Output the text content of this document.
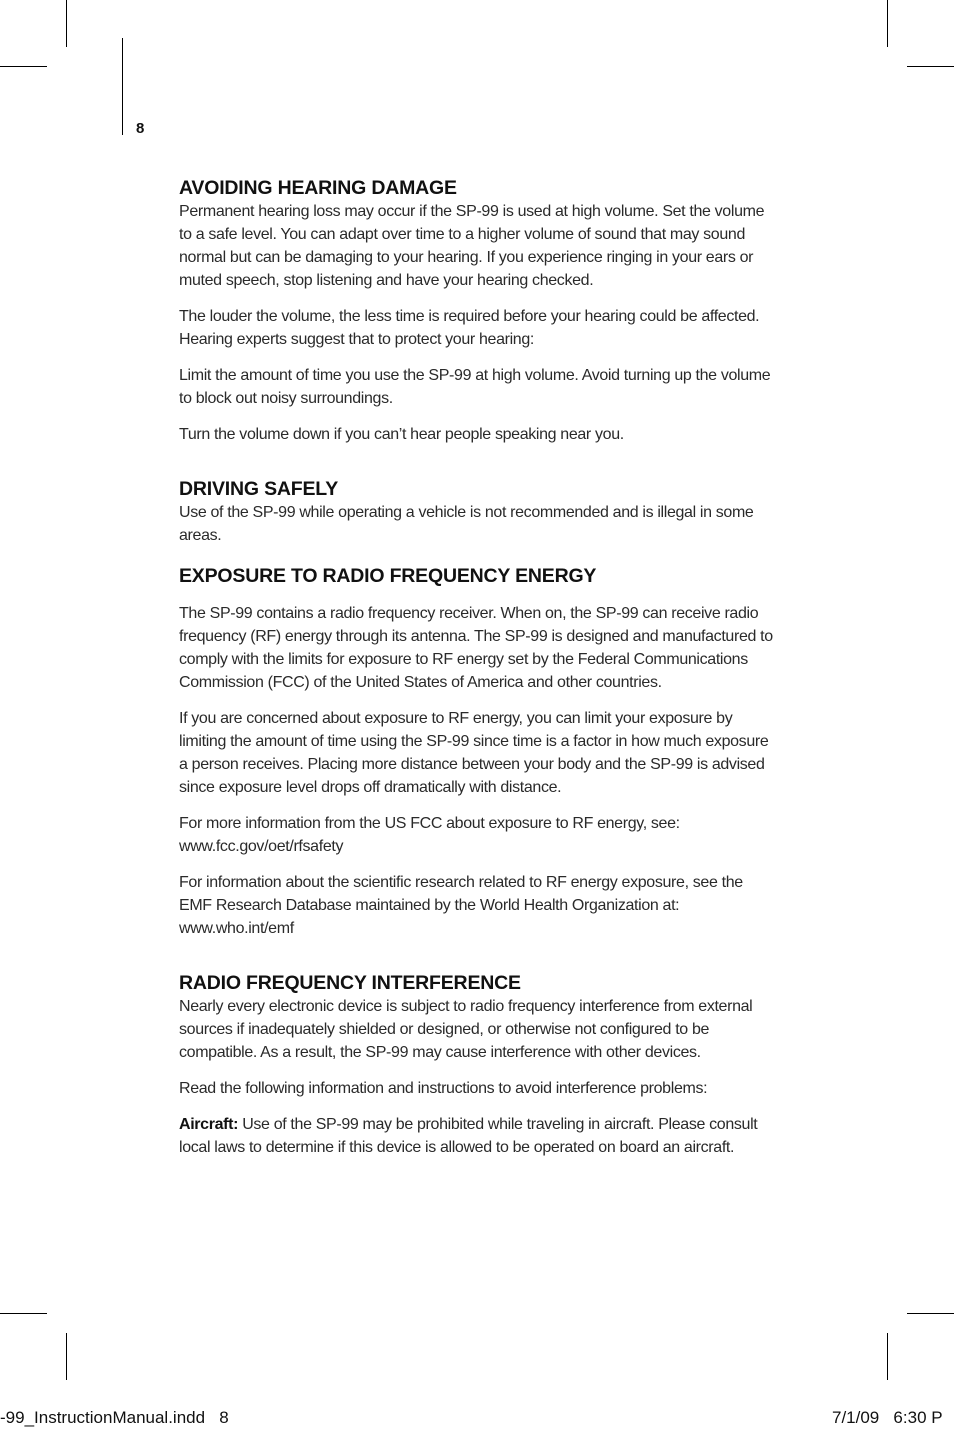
8
AVOIDING HEARING DAMAGE

Permanent hearing loss may occur if the SP-99 is used at high volume. Set the volume to a safe level. You can adapt over time to a higher volume of sound that may sound normal but can be damaging to your hearing. If you experience ringing in your ears or muted speech, stop listening and have your hearing checked.

The louder the volume, the less time is required before your hearing could be affected. Hearing experts suggest that to protect your hearing:

Limit the amount of time you use the SP-99 at high volume. Avoid turning up the volume to block out noisy surroundings.

Turn the volume down if you can’t hear people speaking near you.

DRIVING SAFELY

Use of the SP-99 while operating a vehicle is not recommended and is illegal in some areas.

EXPOSURE TO RADIO FREQUENCY ENERGY

The SP-99 contains a radio frequency receiver. When on, the SP-99 can receive radio frequency (RF) energy through its antenna. The SP-99 is designed and manufactured to comply with the limits for exposure to RF energy set by the Federal Communications Commission (FCC) of the United States of America and other countries.

If you are concerned about exposure to RF energy, you can limit your exposure by limiting the amount of time using the SP-99 since time is a factor in how much exposure a person receives. Placing more distance between your body and the SP-99 is advised since exposure level drops off dramatically with distance.

For more information from the US FCC about exposure to RF energy, see: www.fcc.gov/oet/rfsafety

For information about the scientific research related to RF energy exposure, see the EMF Research Database maintained by the World Health Organization at: www.who.int/emf

RADIO FREQUENCY INTERFERENCE

Nearly every electronic device is subject to radio frequency interference from external sources if inadequately shielded or designed, or otherwise not configured to be compatible. As a result, the SP-99 may cause interference with other devices.

Read the following information and instructions to avoid interference problems:

Aircraft: Use of the SP-99 may be prohibited while traveling in aircraft. Please consult local laws to determine if this device is allowed to be operated on board an aircraft.

-99_InstructionManual.indd   8	7/1/09   6:30 P
